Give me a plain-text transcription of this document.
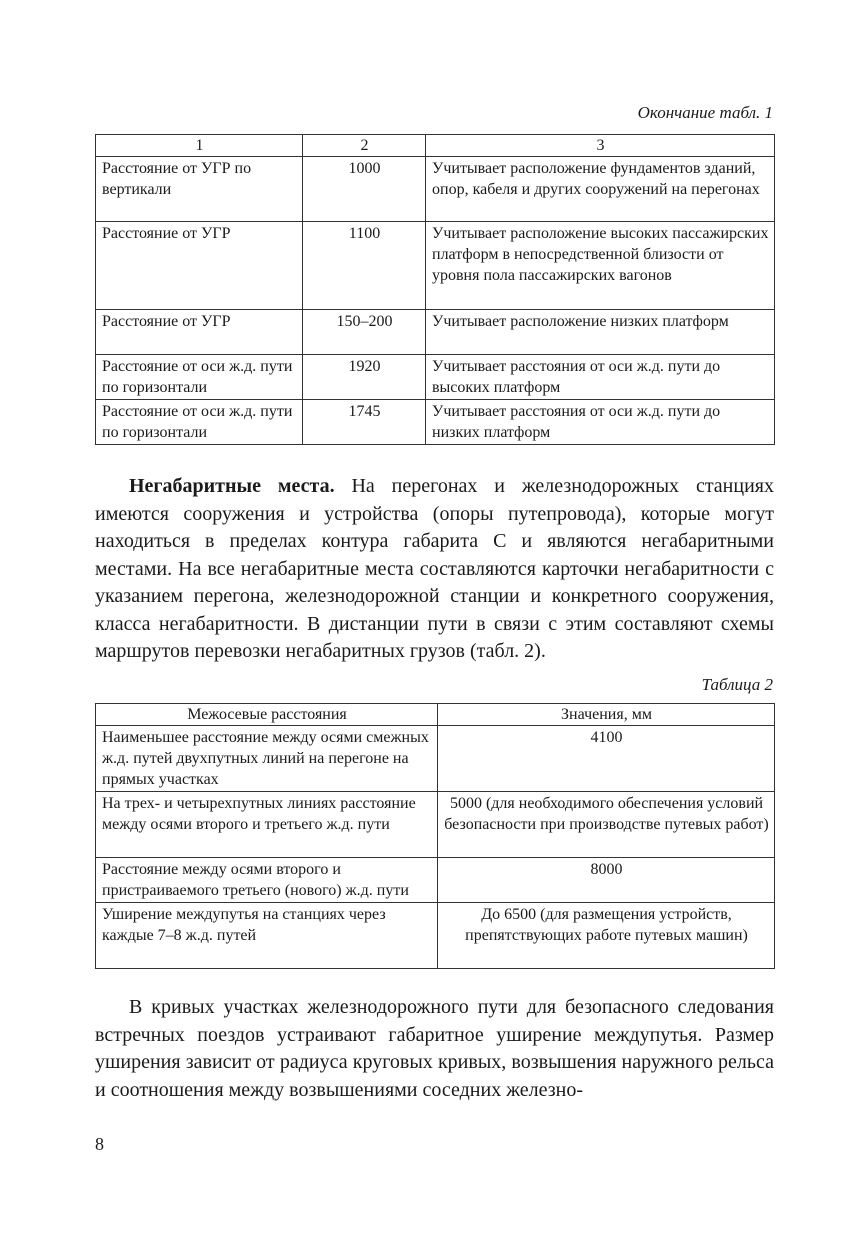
Окончание табл. 1
1	2	3
Расстояние от УГР по вертикали	1000	Учитывает расположение фундаментов зданий, опор, кабеля и других сооружений на перегонах
Расстояние от УГР	1100	Учитывает расположение высоких пассажирских платформ в непосредственной близости от уровня пола пассажирских вагонов
Расстояние от УГР	150–200	Учитывает расположение низких платформ
Расстояние от оси ж.д. пути по горизонтали	1920	Учитывает расстояния от оси ж.д. пути до высоких платформ
Расстояние от оси ж.д. пути по горизонтали	1745	Учитывает расстояния от оси ж.д. пути до низких платформ

Негабаритные места. На перегонах и железнодорожных станциях имеются сооружения и устройства (опоры путепровода), которые могут находиться в пределах контура габарита С и являются негабаритными местами. На все негабаритные места составляются карточки негабаритности с указанием перегона, железнодорожной станции и конкретного сооружения, класса негабаритности. В дистанции пути в связи с этим составляют схемы маршрутов перевозки негабаритных грузов (табл. 2).

Таблица 2
Межосевые расстояния	Значения, мм
Наименьшее расстояние между осями смежных ж.д. путей двухпутных линий на перегоне на прямых участках	4100
На трех- и четырехпутных линиях расстояние между осями второго и третьего ж.д. пути	5000 (для необходимого обеспечения условий безопасности при производстве путевых работ)
Расстояние между осями второго и пристраиваемого третьего (нового) ж.д. пути	8000
Уширение междупутья на станциях через каждые 7–8 ж.д. путей	До 6500 (для размещения устройств, препятствующих работе путевых машин)

В кривых участках железнодорожного пути для безопасного следования встречных поездов устраивают габаритное уширение междупутья. Размер уширения зависит от радиуса круговых кривых, возвышения наружного рельса и соотношения между возвышениями соседних железно-

8
